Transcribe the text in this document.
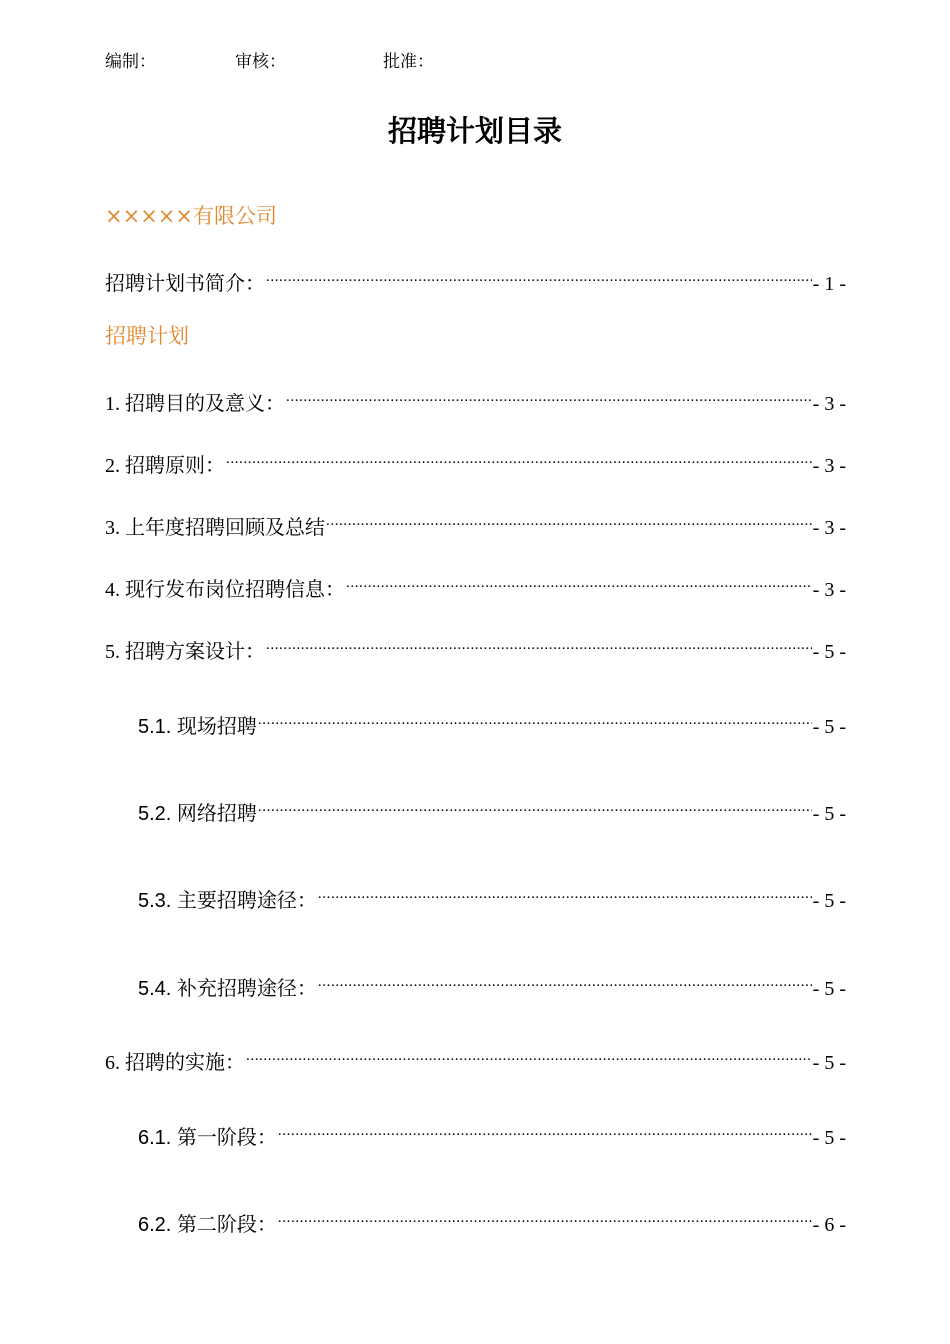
编制：	审核：	批准：
招聘计划目录
×××××有限公司
招聘计划书简介： .....	- 1 -
招聘计划
1. 招聘目的及意义： .....	- 3 -
2. 招聘原则： .....	- 3 -
3. 上年度招聘回顾及总结 .....	- 3 -
4. 现行发布岗位招聘信息： .....	- 3 -
5. 招聘方案设计： .....	- 5 -
5.1. 现场招聘 .....	- 5 -
5.2. 网络招聘 .....	- 5 -
5.3. 主要招聘途径： .....	- 5 -
5.4. 补充招聘途径： .....	- 5 -
6. 招聘的实施： .....	- 5 -
6.1. 第一阶段： .....	- 5 -
6.2. 第二阶段： .....	- 6 -
